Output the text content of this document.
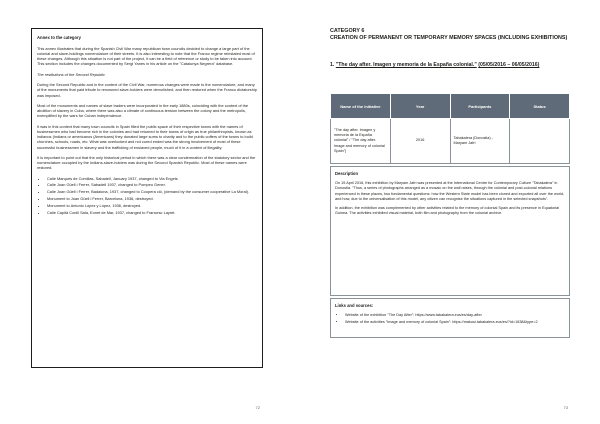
Annex to the category

This annex illustrates that during the Spanish Civil War many republican town councils decided to change a large part of the colonial and slave-holdings nomenclature of their streets. It is also interesting to note that the Franco regime reinstated most of these changes. Although this situation is not part of the project, it can be a field of reference or study to be taken into account. This section includes the changes documented by Sergi Yanes in his article on the "Catalunya Negrera" database.

The restitutions of the Second Republic

During the Second Republic and in the context of the Civil War, numerous changes were made to the nomenclature, and many of the monuments that paid tribute to renowned slave-holders were demolished, and then restored when the Franco dictatorship was imposed.

Most of the monuments and names of slave traders were incorporated in the early 1880s, coinciding with the context of the abolition of slavery in Cuba, where there was also a climate of continuous tension between the colony and the metropolis, exemplified by the wars for Cuban independence.

It was in this context that many town councils in Spain filled the public space of their respective towns with the names of businessmen who had become rich in the colonies and had returned to their towns of origin as true philanthropists, known as indianos (Indians or americanos (Americans) they donated large sums to charity and to the public coffers of the towns to build churches, schools, roads, etc. What was overlooked and not cured ended was the strong involvement of most of these successful businessmen in slavery and the trafficking of enslaved people, much of it in a context of illegality.

It is important to point out that the only historical period in which there was a clear condemnation of the statutory sector and the nomenclature occupied by the Indians-slave-holders was during the Second Spanish Republic. Most of these names were restored.

• Calle Marqués de Comillas, Sabadell, January 1937, changed to Via Engels.
• Calle Joan Güell i Ferrer, Sabadell 1937, changed to Pompeu Gener.
• Calle Joan Güell i Ferrer, Badalona, 1937, changed to Coopera ció, (demand by the consumer cooperative La Moral).
• Monument to Joan Güell i Ferrer, Barcelona, 1936, destroyed.
• Monument to Antonio López y López, 1936, destroyed.
• Calle Capità Conill Sala, Eonet de Mar, 1937, changed to Francesc Layret.
72

CATEGORY 6

CREATION OF PERMANENT OR TEMPORARY MEMORY SPACES (INCLUDING EXHIBITIONS)

1. "The day after. Imagen y memoria de la España colonial." (05/05/2016 – 06/05/2016)

Name of the initiative	Year	Participants	Status
"The day after. Imagen y memoria de la España colonial" / "The day after. Image and memory of colonial Spain")	2016	Tabakalera (Donostia) - Maryam Jafri	

Description

On 15 April 2016, this exhibition by Maryam Jafri was presented at the International Centre for Contemporary Culture "Tabakalera" in Donostia. "Thus, a series of photographs arranged as a mosaic on the wall raises, through the colonial and post-colonial relations experienced in these places, two fundamental questions: how the Western State model has been cloned and exported all over the world, and how, due to the universalisation of this model, any citizen can recognise the situations captured in the selected snapshots".

In addition, the exhibition was complemented by other activities related to the memory of colonial Spain and its presence in Equatorial Guinea. The activities exhibited visual material, both film and photography from the colonial archive.

Links and sources:

• Website of the exhibition "The Day After": https://www.tabakalera.eus/es/day-after
• Website of the activities "Image and memory of colonial Spain": https://makusi.tabakalera.eus/es/?id=1638&type=2
73
